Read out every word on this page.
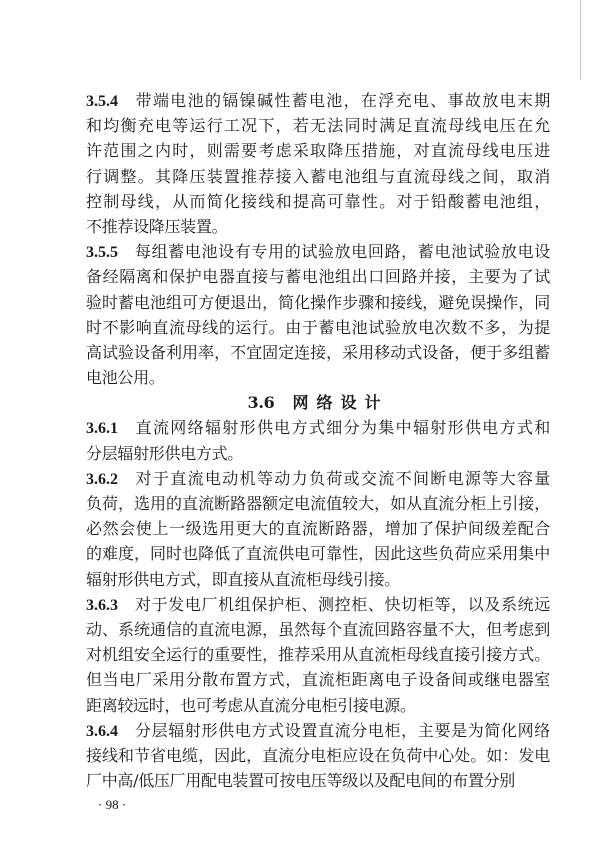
3.5.4 带端电池的镉镍碱性蓄电池，在浮充电、事故放电末期
和均衡充电等运行工况下，若无法同时满足直流母线电压在允
许范围之内时，则需要考虑采取降压措施，对直流母线电压进
行调整。其降压装置推荐接入蓄电池组与直流母线之间，取消
控制母线，从而简化接线和提高可靠性。对于铅酸蓄电池组，
不推荐设降压装置。
3.5.5 每组蓄电池设有专用的试验放电回路，蓄电池试验放电设
备经隔离和保护电器直接与蓄电池组出口回路并接，主要为了试
验时蓄电池组可方便退出，简化操作步骤和接线，避免误操作，同
时不影响直流母线的运行。由于蓄电池试验放电次数不多，为提
高试验设备利用率，不宜固定连接，采用移动式设备，便于多组蓄
电池公用。
3.6 网络设计
3.6.1 直流网络辐射形供电方式细分为集中辐射形供电方式和
分层辐射形供电方式。
3.6.2 对于直流电动机等动力负荷或交流不间断电源等大容量
负荷，选用的直流断路器额定电流值较大，如从直流分柜上引接，
必然会使上一级选用更大的直流断路器，增加了保护间级差配合
的难度，同时也降低了直流供电可靠性，因此这些负荷应采用集中
辐射形供电方式，即直接从直流柜母线引接。
3.6.3 对于发电厂机组保护柜、测控柜、快切柜等，以及系统远
动、系统通信的直流电源，虽然每个直流回路容量不大，但考虑到
对机组安全运行的重要性，推荐采用从直流柜母线直接引接方式。
但当电厂采用分散布置方式，直流柜距离电子设备间或继电器室
距离较远时，也可考虑从直流分电柜引接电源。
3.6.4 分层辐射形供电方式设置直流分电柜，主要是为简化网络
接线和节省电缆，因此，直流分电柜应设在负荷中心处。如：发电
厂中高/低压厂用配电装置可按电压等级以及配电间的布置分别
· 98 ·
